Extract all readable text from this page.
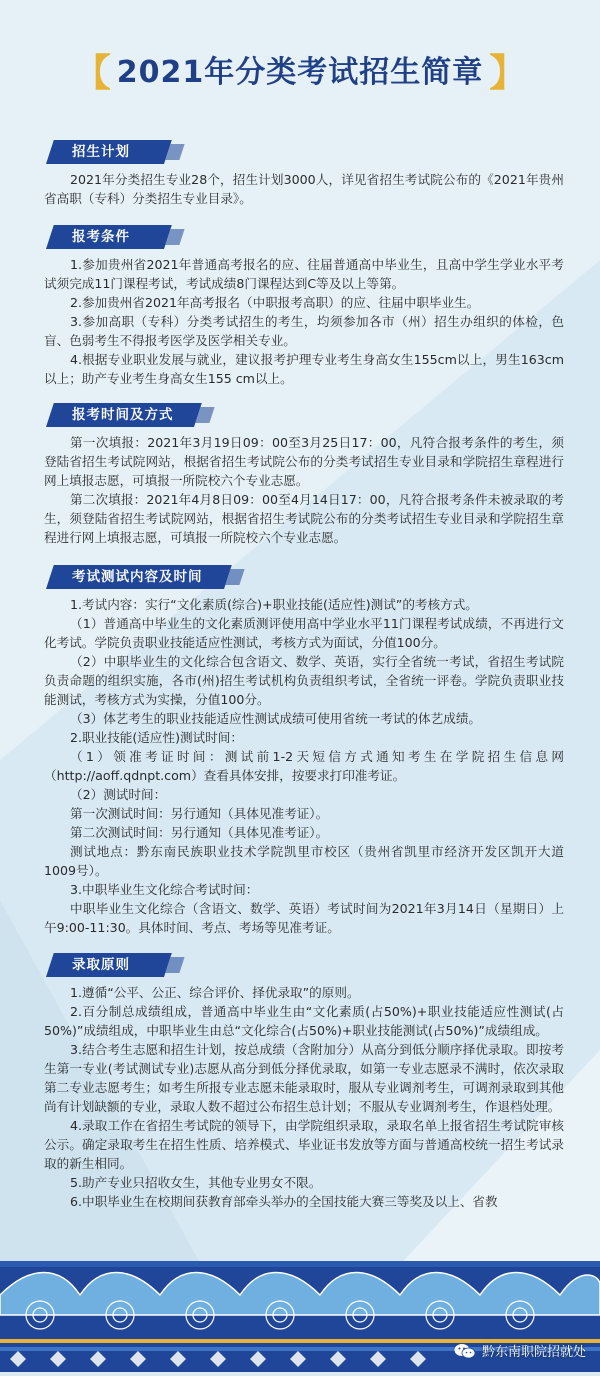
【 2021年分类考试招生简章 】
招生计划

2021年分类招生专业28个，招生计划3000人，详见省招生考试院公布的《2021年贵州省高职（专科）分类招生专业目录》。

报考条件

1.参加贵州省2021年普通高考报名的应、往届普通高中毕业生，且高中学生学业水平考试须完成11门课程考试，考试成绩8门课程达到C等及以上等第。

2.参加贵州省2021年高考报名（中职报考高职）的应、往届中职毕业生。

3.参加高职（专科）分类考试招生的考生，均须参加各市（州）招生办组织的体检，色盲、色弱考生不得报考医学及医学相关专业。

4.根据专业职业发展与就业，建议报考护理专业考生身高女生155cm以上，男生163cm以上；助产专业考生身高女生155 cm以上。

报考时间及方式

第一次填报：2021年3月19日09：00至3月25日17：00，凡符合报考条件的考生，须登陆省招生考试院网站，根据省招生考试院公布的分类考试招生专业目录和学院招生章程进行网上填报志愿，可填报一所院校六个专业志愿。

第二次填报：2021年4月8日09：00至4月14日17：00，凡符合报考条件未被录取的考生，须登陆省招生考试院网站，根据省招生考试院公布的分类考试招生专业目录和学院招生章程进行网上填报志愿，可填报一所院校六个专业志愿。

考试测试内容及时间

1.考试内容：实行“文化素质(综合)+职业技能(适应性)测试”的考核方式。

（1）普通高中毕业生的文化素质测评使用高中学业水平11门课程考试成绩，不再进行文化考试。学院负责职业技能适应性测试，考核方式为面试，分值100分。

（2）中职毕业生的文化综合包含语文、数学、英语，实行全省统一考试，省招生考试院负责命题的组织实施，各市(州)招生考试机构负责组织考试，全省统一评卷。学院负责职业技能测试，考核方式为实操，分值100分。

（3）体艺考生的职业技能适应性测试成绩可使用省统一考试的体艺成绩。

2.职业技能(适应性)测试时间：

（1）领准考证时间：测试前1-2天短信方式通知考生在学院招生信息网（http://aoff.qdnpt.com）查看具体安排，按要求打印准考证。

（2）测试时间：

第一次测试时间：另行通知（具体见准考证）。

第二次测试时间：另行通知（具体见准考证）。

测试地点：黔东南民族职业技术学院凯里市校区（贵州省凯里市经济开发区凯开大道1009号）。

3.中职毕业生文化综合考试时间：

中职毕业生文化综合（含语文、数学、英语）考试时间为2021年3月14日（星期日）上午9:00-11:30。具体时间、考点、考场等见准考证。

录取原则

1.遵循“公平、公正、综合评价、择优录取”的原则。

2.百分制总成绩组成，普通高中毕业生由“文化素质(占50%)+职业技能适应性测试(占50%)”成绩组成，中职毕业生由总“文化综合(占50%)+职业技能测试(占50%)”成绩组成。

3.结合考生志愿和招生计划，按总成绩（含附加分）从高分到低分顺序择优录取。即按考生第一专业(考试测试专业)志愿从高分到低分择优录取，如第一专业志愿录不满时，依次录取第二专业志愿考生；如考生所报专业志愿未能录取时，服从专业调剂考生，可调剂录取到其他尚有计划缺额的专业，录取人数不超过公布招生总计划；不服从专业调剂考生，作退档处理。

4.录取工作在省招生考试院的领导下，由学院组织录取，录取名单上报省招生考试院审核公示。确定录取考生在招生性质、培养模式、毕业证书发放等方面与普通高校统一招生考试录取的新生相同。

5.助产专业只招收女生，其他专业男女不限。

6.中职毕业生在校期间获教育部牵头举办的全国技能大赛三等奖及以上、省教

黔东南职院招就处
